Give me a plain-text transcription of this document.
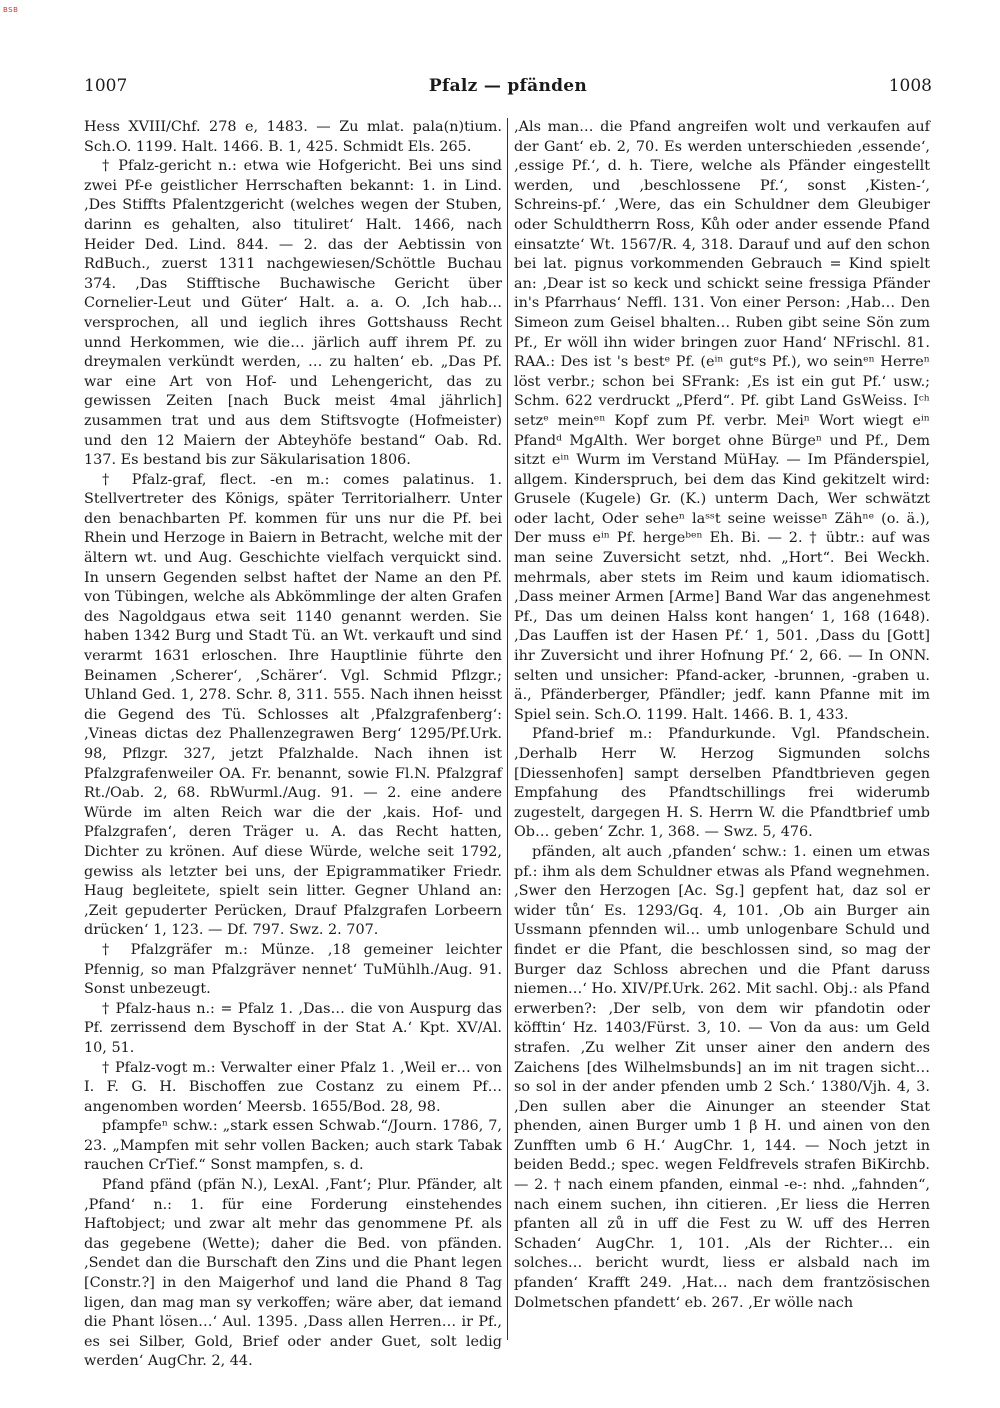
BSB
1007	Pfalz — pfänden	1008

Hess XVIII/Chf. 278 e, 1483. — Zu mlat. pala(n)tium. Sch.O. 1199. Halt. 1466. B. 1, 425. Schmidt Els. 265.

† Pfalz-gericht n.: etwa wie Hofgericht. Bei uns sind zwei Pf-e geistlicher Herrschaften bekannt: 1. in Lind. ‚Des Stiffts Pfalentzgericht (welches wegen der Stuben, darinn es gehalten, also tituliret‘ Halt. 1466, nach Heider Ded. Lind. 844. — 2. das der Aebtissin von RdBuch., zuerst 1311 nachgewiesen/Schöttle Buchau 374. ‚Das Stifftische Buchawische Gericht über Cornelier-Leut und Güter‘ Halt. a. a. O. ‚Ich hab… versprochen, all und ieglich ihres Gottshauss Recht unnd Herkommen, wie die… järlich auff ihrem Pf. zu dreymalen verkündt werden, … zu halten‘ eb. „Das Pf. war eine Art von Hof- und Lehengericht, das zu gewissen Zeiten [nach Buck meist 4mal jährlich] zusammen trat und aus dem Stiftsvogte (Hofmeister) und den 12 Maiern der Abteyhöfe bestand“ Oab. Rd. 137. Es bestand bis zur Säkularisation 1806.

† Pfalz-graf, flect. -en m.: comes palatinus. 1. Stellvertreter des Königs, später Territorialherr. Unter den benachbarten Pf. kommen für uns nur die Pf. bei Rhein und Herzoge in Baiern in Betracht, welche mit der ältern wt. und Aug. Geschichte vielfach verquickt sind. In unsern Gegenden selbst haftet der Name an den Pf. von Tübingen, welche als Abkömmlinge der alten Grafen des Nagoldgaus etwa seit 1140 genannt werden. Sie haben 1342 Burg und Stadt Tü. an Wt. verkauft und sind verarmt 1631 erloschen. Ihre Hauptlinie führte den Beinamen ‚Scherer‘, ‚Schärer‘. Vgl. Schmid Pflzgr.; Uhland Ged. 1, 278. Schr. 8, 311. 555. Nach ihnen heisst die Gegend des Tü. Schlosses alt ‚Pfalzgrafenberg‘: ‚Vineas dictas dez Phallenzegrawen Berg‘ 1295/Pf.Urk. 98, Pflzgr. 327, jetzt Pfalzhalde. Nach ihnen ist Pfalzgrafenweiler OA. Fr. benannt, sowie Fl.N. Pfalzgraf Rt./Oab. 2, 68. RbWurml./Aug. 91. — 2. eine andere Würde im alten Reich war die der ‚kais. Hof- und Pfalzgrafen‘, deren Träger u. A. das Recht hatten, Dichter zu krönen. Auf diese Würde, welche seit 1792, gewiss als letzter bei uns, der Epigrammatiker Friedr. Haug begleitete, spielt sein litter. Gegner Uhland an: ‚Zeit gepuderter Perücken, Drauf Pfalzgrafen Lorbeern drücken‘ 1, 123. — Df. 797. Swz. 2. 707.

† Pfalzgräfer m.: Münze. ‚18 gemeiner leichter Pfennig, so man Pfalzgräver nennet‘ TuMühlh./Aug. 91. Sonst unbezeugt.

† Pfalz-haus n.: = Pfalz 1. ‚Das… die von Auspurg das Pf. zerrissend dem Byschoff in der Stat A.‘ Kpt. XV/Al. 10, 51.

† Pfalz-vogt m.: Verwalter einer Pfalz 1. ‚Weil er… von I. F. G. H. Bischoffen zue Costanz zu einem Pf… angenomben worden‘ Meersb. 1655/Bod. 28, 98.

pfampfeⁿ schw.: „stark essen Schwab.“/Journ. 1786, 7, 23. „Mampfen mit sehr vollen Backen; auch stark Tabak rauchen CrTief.“ Sonst mampfen, s. d.

Pfand pfänd (pfän N.), LexAl. ‚Fant‘; Plur. Pfänder, alt ‚Pfand‘ n.: 1. für eine Forderung einstehendes Haftobject; und zwar alt mehr das genommene Pf. als das gegebene (Wette); daher die Bed. von pfänden. ‚Sendet dan die Burschaft den Zins und die Phant legen [Constr.?] in den Maigerhof und land die Phand 8 Tag ligen, dan mag man sy verkoffen; wäre aber, dat iemand die Phant lösen…‘ Aul. 1395. ‚Dass allen Herren… ir Pf., es sei Silber, Gold, Brief oder ander Guet, solt ledig werden‘ AugChr. 2, 44.

‚Als man… die Pfand angreifen wolt und verkaufen auf der Gant‘ eb. 2, 70. Es werden unterschieden ‚essende‘, ‚essige Pf.‘, d. h. Tiere, welche als Pfänder eingestellt werden, und ‚beschlossene Pf.‘, sonst ‚Kisten-‘, Schreins-pf.‘ ‚Were, das ein Schuldner dem Gleubiger oder Schuldtherrn Ross, Kůh oder ander essende Pfand einsatzte‘ Wt. 1567/R. 4, 318. Darauf und auf den schon bei lat. pignus vorkommenden Gebrauch = Kind spielt an: ‚Dear ist so keck und schickt seine fressiga Pfänder in's Pfarrhaus‘ Neffl. 131. Von einer Person: ‚Hab… Den Simeon zum Geisel bhalten… Ruben gibt seine Sön zum Pf., Er wöll ihn wider bringen zuor Hand‘ NFrischl. 81. RAA.: Des ist 's bestᵉ Pf. (eⁱⁿ gutᵉs Pf.), wo seinᵉⁿ Herreⁿ löst verbr.; schon bei SFrank: ‚Es ist ein gut Pf.‘ usw.; Schm. 622 verdruckt „Pferd“. Pf. gibt Land GsWeiss. Iᶜʰ setzᵉ meinᵉⁿ Kopf zum Pf. verbr. Meiⁿ Wort wiegt eⁱⁿ Pfandᵈ MgAlth. Wer borget ohne Bürgeⁿ und Pf., Dem sitzt eⁱⁿ Wurm im Verstand MüHay. — Im Pfänderspiel, allgem. Kinderspruch, bei dem das Kind gekitzelt wird: Grusele (Kugele) Gr. (K.) unterm Dach, Wer schwätzt oder lacht, Oder seheⁿ laˢˢt seine weisseⁿ Zähⁿᵉ (o. ä.), Der muss eⁱⁿ Pf. hergeᵇᵉⁿ Eh. Bi. — 2. † übtr.: auf was man seine Zuversicht setzt, nhd. „Hort“. Bei Weckh. mehrmals, aber stets im Reim und kaum idiomatisch. ‚Dass meiner Armen [Arme] Band War das angenehmest Pf., Das um deinen Halss kont hangen‘ 1, 168 (1648). ‚Das Lauffen ist der Hasen Pf.‘ 1, 501. ‚Dass du [Gott] ihr Zuversicht und ihrer Hofnung Pf.‘ 2, 66. — In ONN. selten und unsicher: Pfand-acker, -brunnen, -graben u. ä., Pfänderberger, Pfändler; jedf. kann Pfanne mit im Spiel sein. Sch.O. 1199. Halt. 1466. B. 1, 433.

Pfand-brief m.: Pfandurkunde. Vgl. Pfandschein. ‚Derhalb Herr W. Herzog Sigmunden solchs [Diessenhofen] sampt derselben Pfandtbrieven gegen Empfahung des Pfandtschillings frei widerumb zugestelt, dargegen H. S. Herrn W. die Pfandtbrief umb Ob… geben‘ Zchr. 1, 368. — Swz. 5, 476.

pfänden, alt auch ‚pfanden‘ schw.: 1. einen um etwas pf.: ihm als dem Schuldner etwas als Pfand wegnehmen. ‚Swer den Herzogen [Ac. Sg.] gepfent hat, daz sol er wider tůn‘ Es. 1293/Gq. 4, 101. ‚Ob ain Burger ain Ussmann pfennden wil… umb unlogenbare Schuld und findet er die Pfant, die beschlossen sind, so mag der Burger daz Schloss abrechen und die Pfant daruss niemen…‘ Ho. XIV/Pf.Urk. 262. Mit sachl. Obj.: als Pfand erwerben?: ‚Der selb, von dem wir pfandotin oder köfftin‘ Hz. 1403/Fürst. 3, 10. — Von da aus: um Geld strafen. ‚Zu welher Zit unser ainer den andern des Zaichens [des Wilhelmsbunds] an im nit tragen sicht… so sol in der ander pfenden umb 2 Sch.‘ 1380/Vjh. 4, 3. ‚Den sullen aber die Ainunger an steender Stat phenden, ainen Burger umb 1 β H. und ainen von den Zunfften umb 6 H.‘ AugChr. 1, 144. — Noch jetzt in beiden Bedd.; spec. wegen Feldfrevels strafen BiKirchb. — 2. † nach einem pfanden, einmal -e-: nhd. „fahnden“, nach einem suchen, ihn citieren. ‚Er liess die Herren pfanten all zů in uff die Fest zu W. uff des Herren Schaden‘ AugChr. 1, 101. ‚Als der Richter… ein solches… bericht wurdt, liess er alsbald nach im pfanden‘ Krafft 249. ‚Hat… nach dem frantzösischen Dolmetschen pfandett‘ eb. 267. ‚Er wölle nach
